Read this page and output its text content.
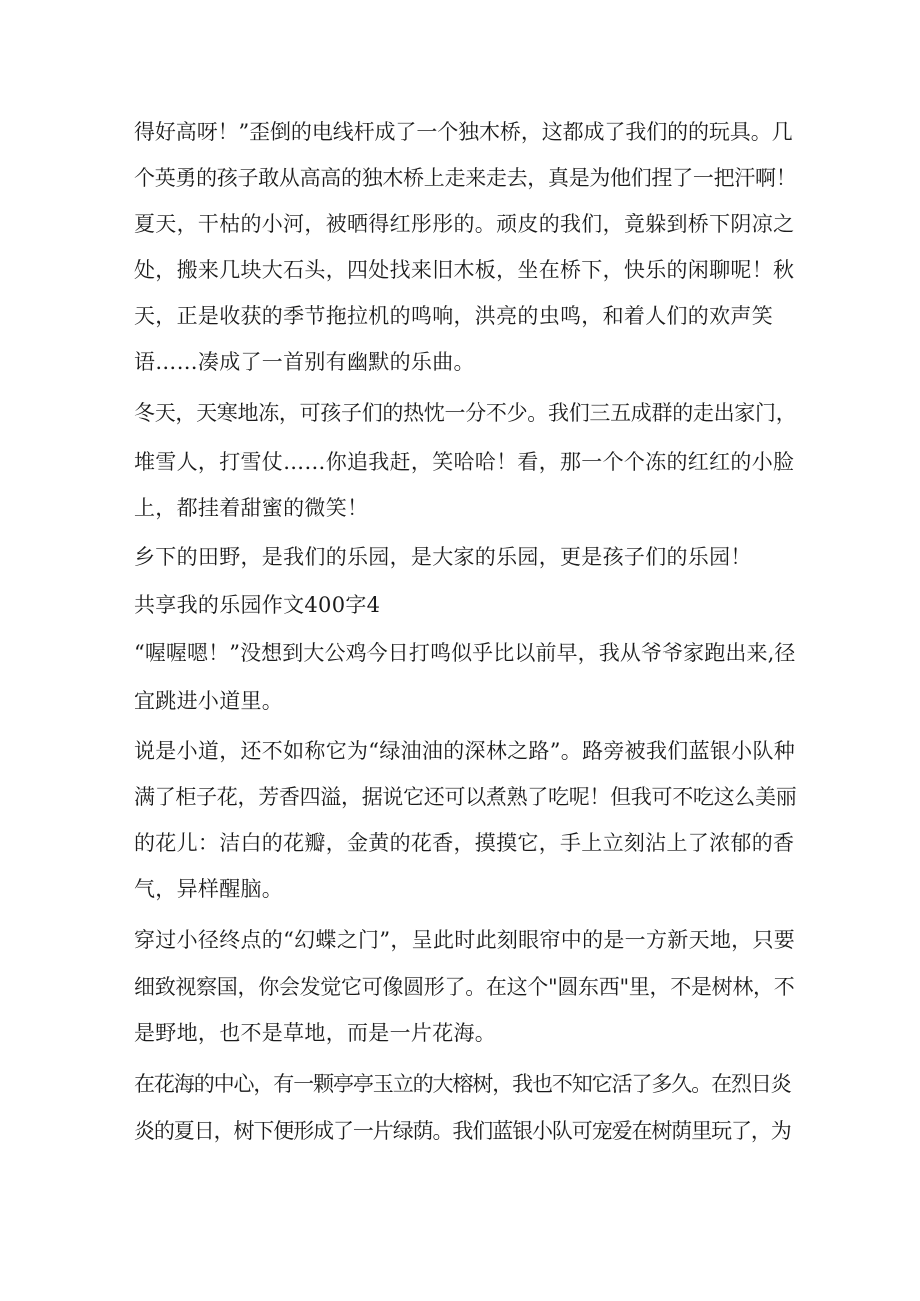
得好高呀！”歪倒的电线杆成了一个独木桥，这都成了我们的的玩具。几
个英勇的孩子敢从高高的独木桥上走来走去，真是为他们捏了一把汗啊！
夏天，干枯的小河，被晒得红彤彤的。顽皮的我们，竟躲到桥下阴凉之
处，搬来几块大石头，四处找来旧木板，坐在桥下，快乐的闲聊呢！秋
天，正是收获的季节拖拉机的鸣响，洪亮的虫鸣，和着人们的欢声笑
语……凑成了一首别有幽默的乐曲。
冬天，天寒地冻，可孩子们的热忱一分不少。我们三五成群的走出家门，
堆雪人，打雪仗……你追我赶，笑哈哈！看，那一个个冻的红红的小脸
上，都挂着甜蜜的微笑！
乡下的田野，是我们的乐园，是大家的乐园，更是孩子们的乐园！
共享我的乐园作文400字4
“喔喔嗯！”没想到大公鸡今日打鸣似乎比以前早，我从爷爷家跑出来,径
宜跳进小道里。
说是小道，还不如称它为“绿油油的深林之路”。路旁被我们蓝银小队种
满了柜子花，芳香四溢，据说它还可以煮熟了吃呢！但我可不吃这么美丽
的花儿：洁白的花瓣，金黄的花香，摸摸它，手上立刻沾上了浓郁的香
气，异样醒脑。
穿过小径终点的“幻蝶之门”，呈此时此刻眼帘中的是一方新天地，只要
细致视察国，你会发觉它可像圆形了。在这个"圆东西"里，不是树林，不
是野地，也不是草地，而是一片花海。
在花海的中心，有一颗亭亭玉立的大榕树，我也不知它活了多久。在烈日炎
炎的夏日，树下便形成了一片绿荫。我们蓝银小队可宠爱在树荫里玩了，为
